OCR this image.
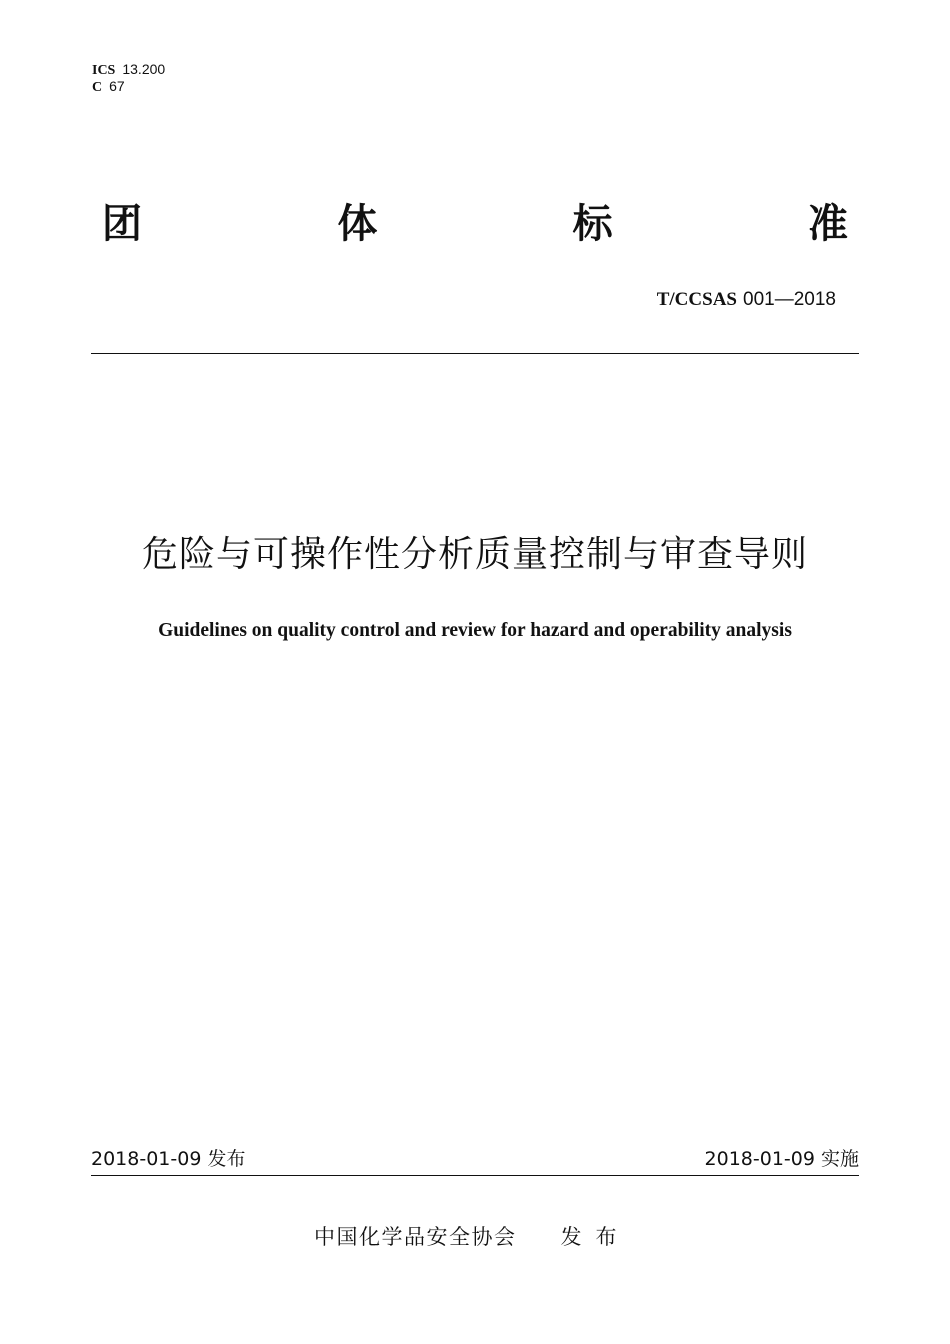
ICS 13.200
C 67
团	体	标	准
T/CCSAS 001—2018
危险与可操作性分析质量控制与审查导则
Guidelines on quality control and review for hazard and operability analysis
2018-01-09 发布	2018-01-09 实施
中国化学品安全协会 发布
